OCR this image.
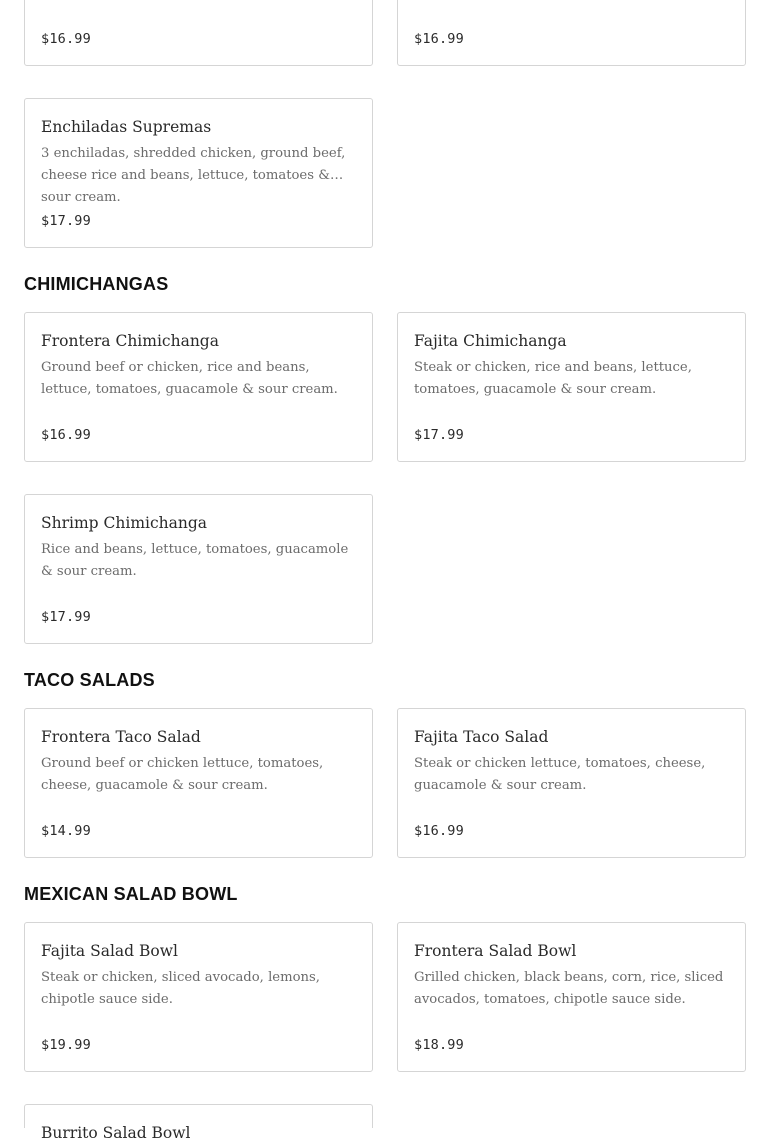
$16.99	$16.99
Enchiladas Supremas
3 enchiladas, shredded chicken, ground beef, cheese rice and beans, lettuce, tomatoes & sour cream.
$17.99
CHIMICHANGAS
Frontera Chimichanga
Ground beef or chicken, rice and beans, lettuce, tomatoes, guacamole & sour cream.
$16.99
Fajita Chimichanga
Steak or chicken, rice and beans, lettuce, tomatoes, guacamole & sour cream.
$17.99
Shrimp Chimichanga
Rice and beans, lettuce, tomatoes, guacamole & sour cream.
$17.99
TACO SALADS
Frontera Taco Salad
Ground beef or chicken lettuce, tomatoes, cheese, guacamole & sour cream.
$14.99
Fajita Taco Salad
Steak or chicken lettuce, tomatoes, cheese, guacamole & sour cream.
$16.99
MEXICAN SALAD BOWL
Fajita Salad Bowl
Steak or chicken, sliced avocado, lemons, chipotle sauce side.
$19.99
Frontera Salad Bowl
Grilled chicken, black beans, corn, rice, sliced avocados, tomatoes, chipotle sauce side.
$18.99
Burrito Salad Bowl
